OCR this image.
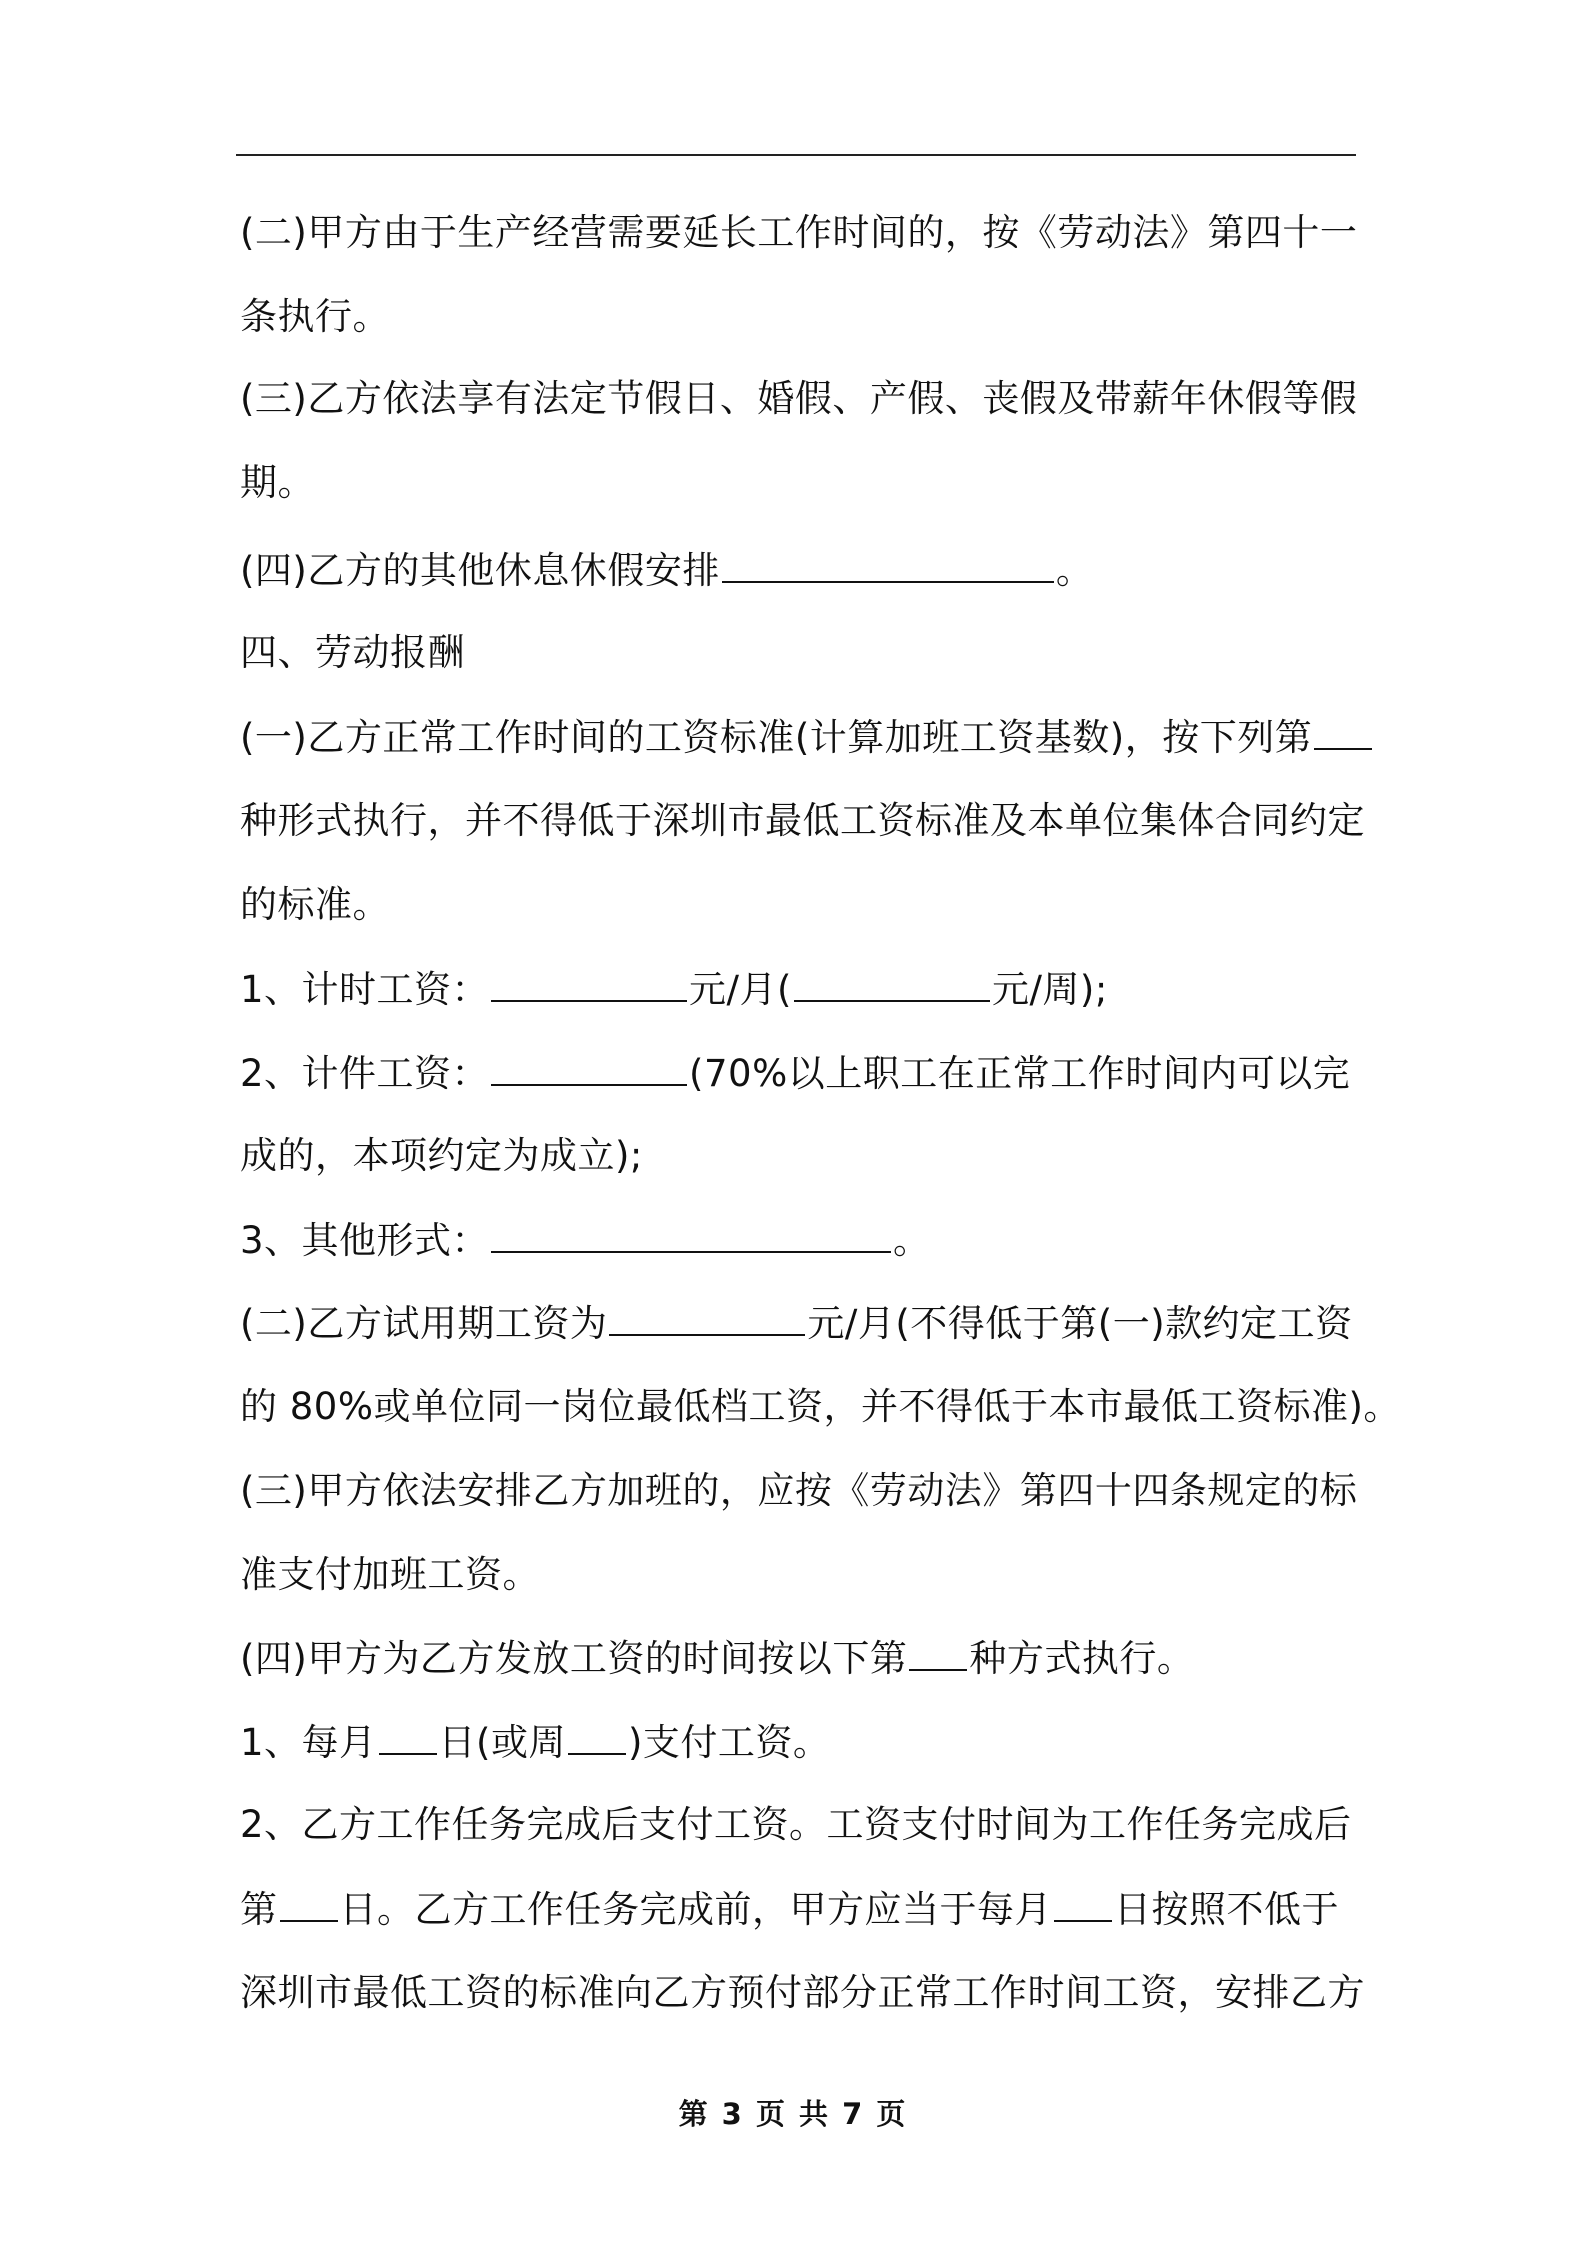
(二)甲方由于生产经营需要延长工作时间的，按《劳动法》第四十一
条执行。
(三)乙方依法享有法定节假日、婚假、产假、丧假及带薪年休假等假
期。
(四)乙方的其他休息休假安排	。
四、劳动报酬
(一)乙方正常工作时间的工资标准(计算加班工资基数)，按下列第
种形式执行，并不得低于深圳市最低工资标准及本单位集体合同约定
的标准。
1、计时工资：	元/月(	元/周);
2、计件工资：	(70%以上职工在正常工作时间内可以完
成的，本项约定为成立);
3、其他形式：	。
(二)乙方试用期工资为	元/月(不得低于第(一)款约定工资
的 80%或单位同一岗位最低档工资，并不得低于本市最低工资标准)。
(三)甲方依法安排乙方加班的，应按《劳动法》第四十四条规定的标
准支付加班工资。
(四)甲方为乙方发放工资的时间按以下第 种方式执行。
1、每月 日(或周 )支付工资。
2、乙方工作任务完成后支付工资。工资支付时间为工作任务完成后
第 日。乙方工作任务完成前，甲方应当于每月 日按照不低于
深圳市最低工资的标准向乙方预付部分正常工作时间工资，安排乙方
第 3 页 共 7 页
